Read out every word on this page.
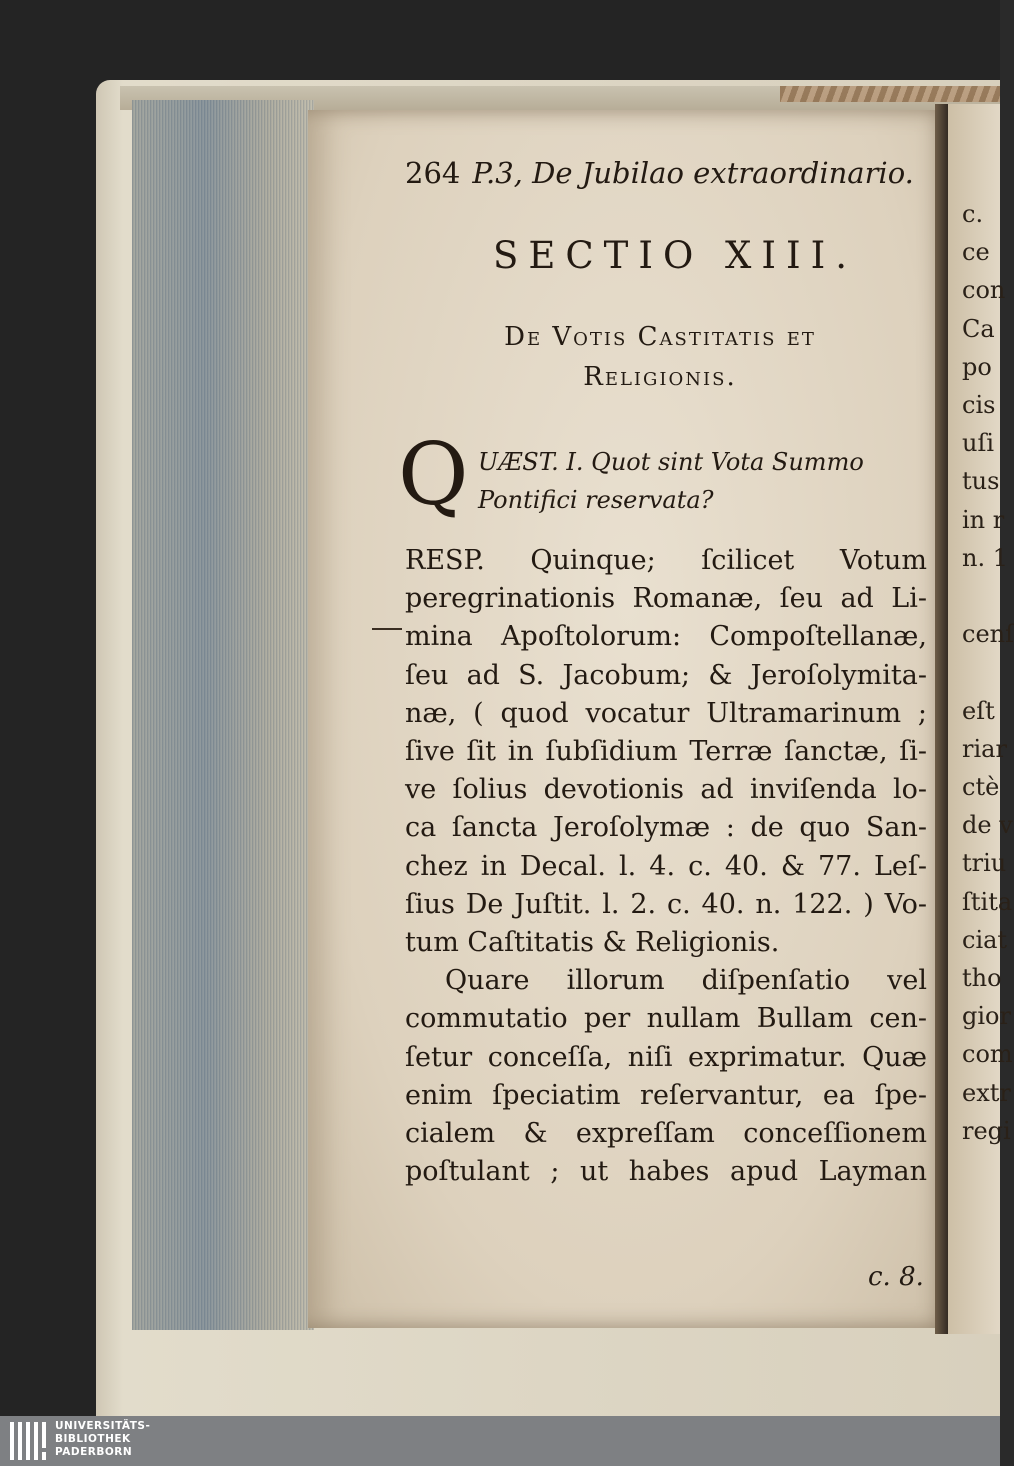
c.
ce
con
Ca
po
cis
uſi
tus
in r
n. 1
cenſ
eſt
riar
ctè
de v
triu
ſtita
ciat
tho
gior
com
extr
regi
264 P.3, De Jubilao extraordinario.
SECTIO XIII.
De Votis Castitatis et
Religionis.
Q UÆST. I. Quot sint Vota Summo
Pontifici reservata?
RESP. Quinque; ſcilicet Votum
peregrinationis Romanæ, ſeu ad Li-
mina Apoſtolorum: Compoſtellanæ,
ſeu ad S. Jacobum; & Jeroſolymita-
næ, ( quod vocatur Ultramarinum ;
ſive ſit in ſubſidium Terræ ſanctæ, ſi-
ve ſolius devotionis ad inviſenda lo-
ca ſancta Jeroſolymæ : de quo San-
chez in Decal. l. 4. c. 40. & 77. Leſ-
ſius De Juſtit. l. 2. c. 40. n. 122. ) Vo-
tum Caſtitatis & Religionis.
Quare illorum diſpenſatio vel
commutatio per nullam Bullam cen-
ſetur conceſſa, niſi exprimatur. Quæ
enim ſpeciatim reſervantur, ea ſpe-
cialem & expreſſam conceſſionem
poſtulant ; ut habes apud Layman
c. 8.
UNIVERSITÄTS-
BIBLIOTHEK
PADERBORN
